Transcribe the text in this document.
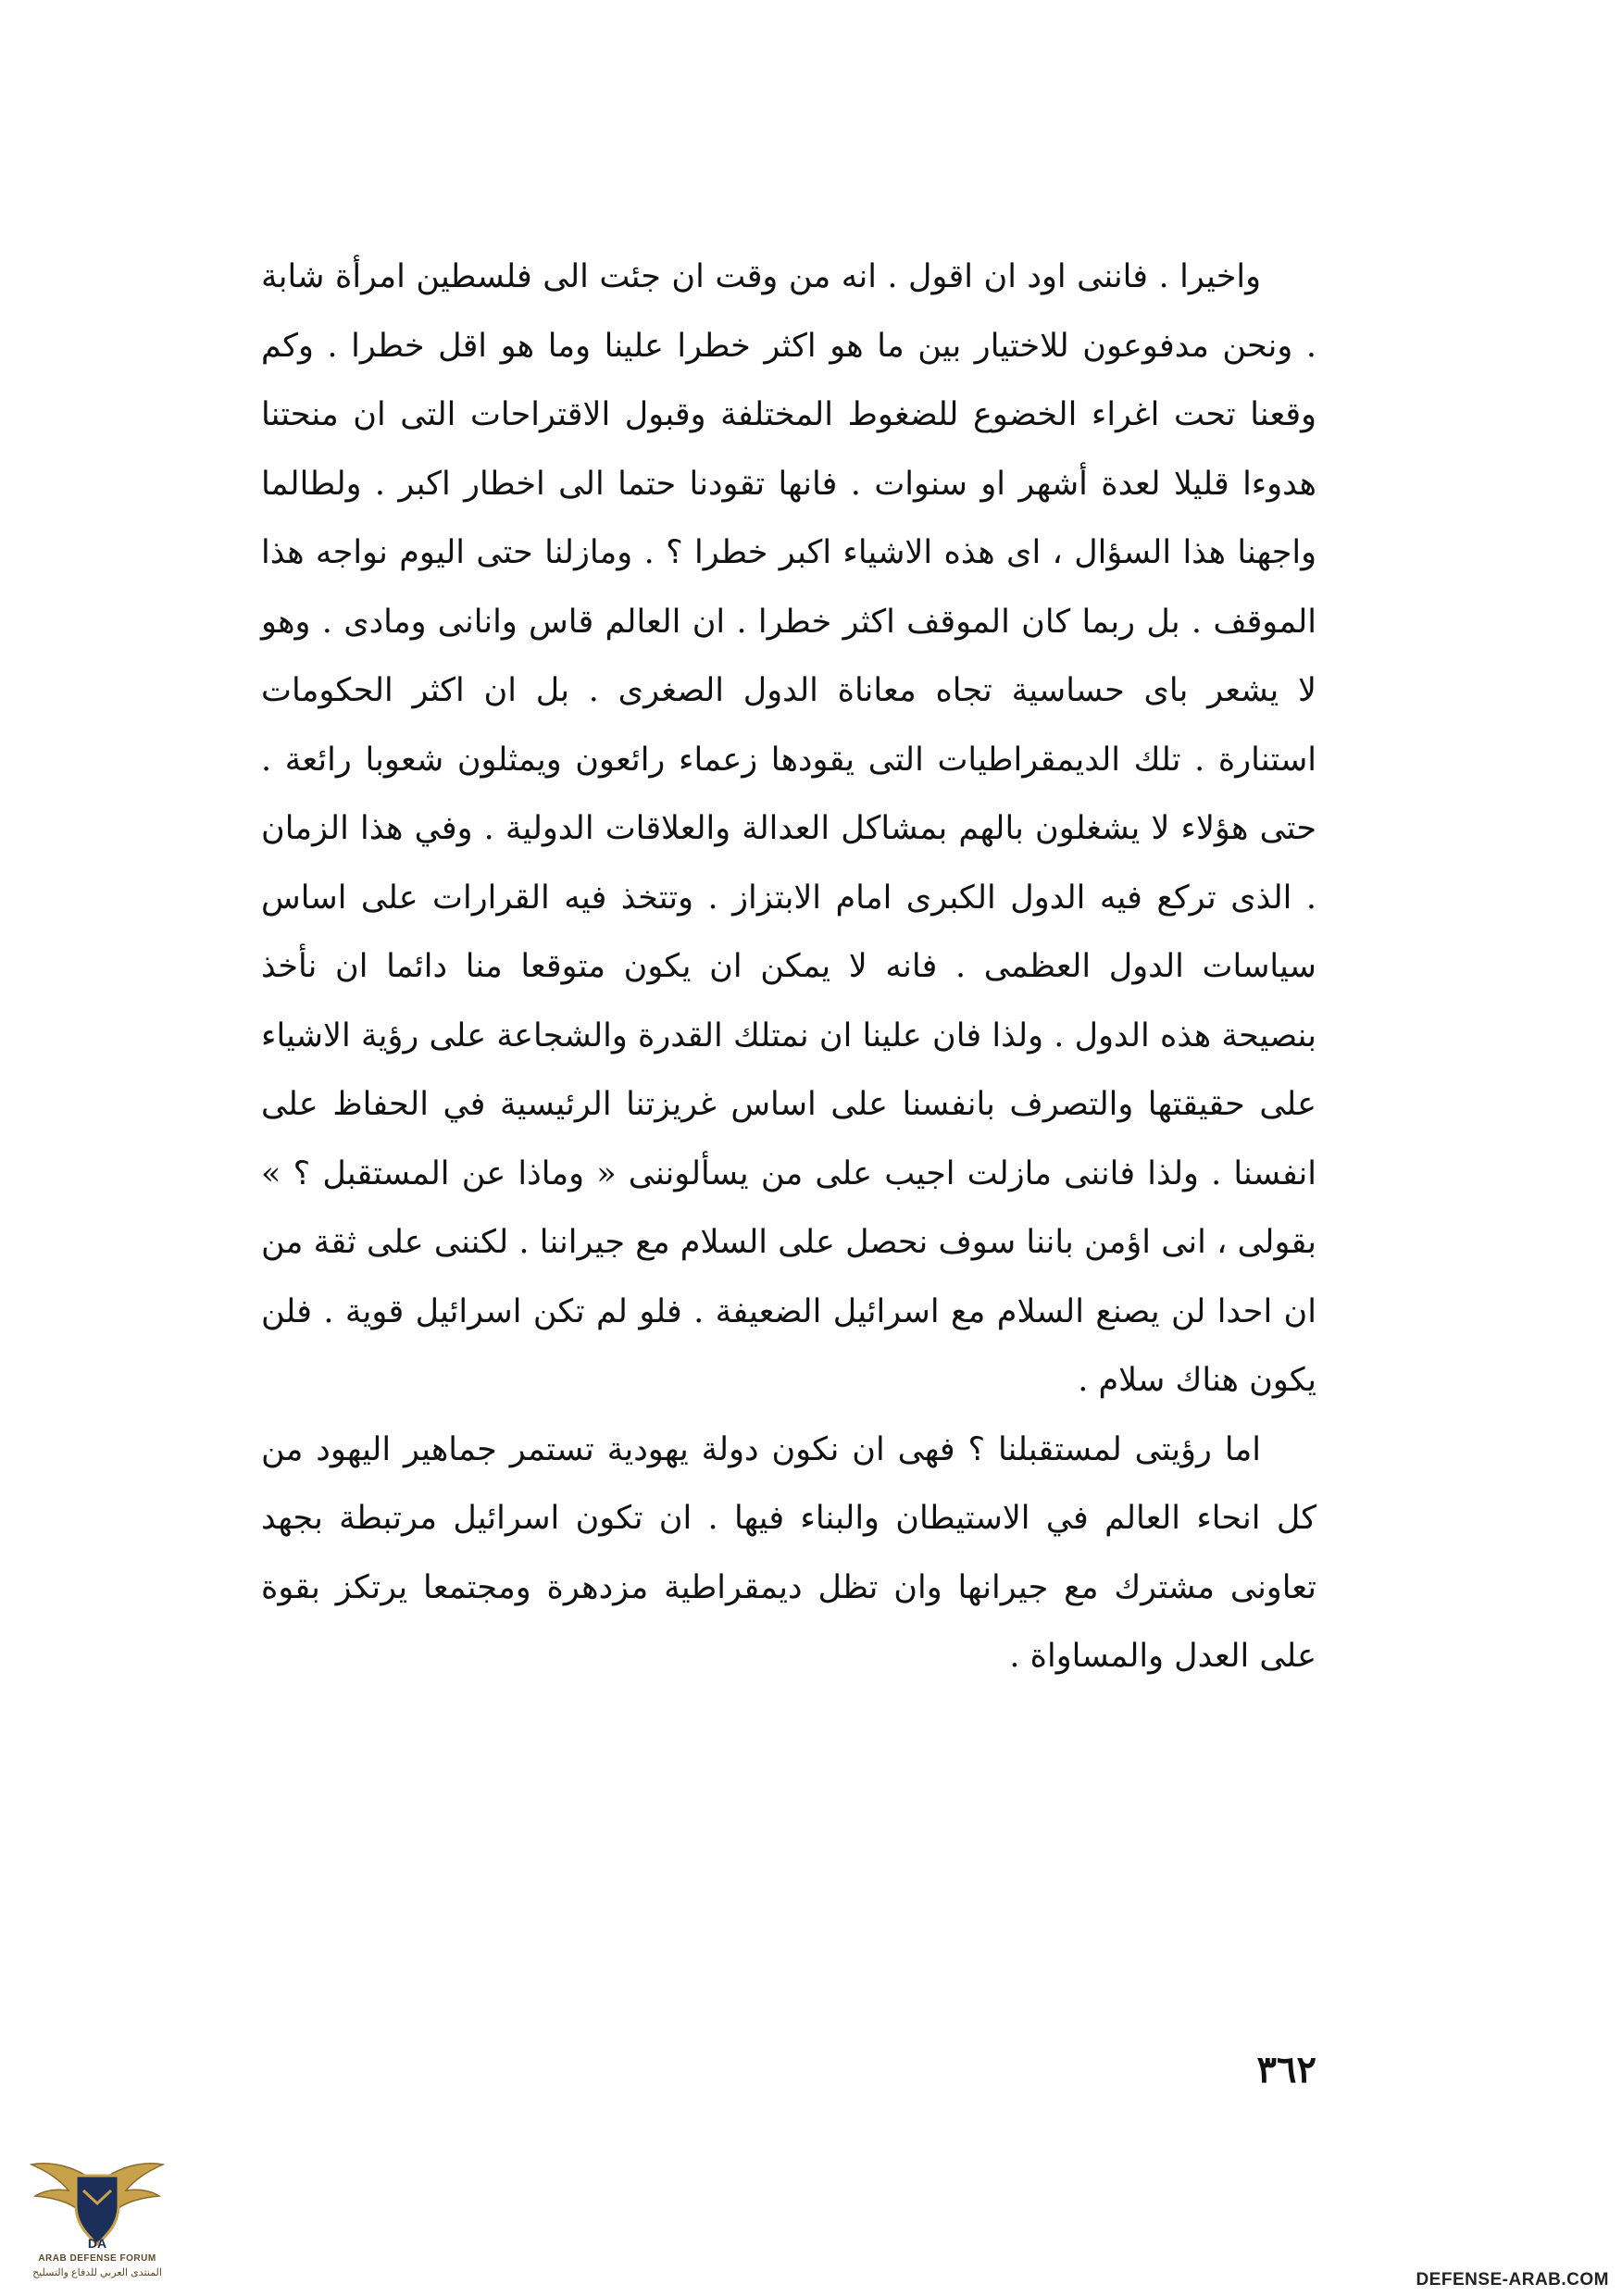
واخيرا . فاننى اود ان اقول . انه من وقت ان جئت الى فلسطين امرأة شابة . ونحن مدفوعون للاختيار بين ما هو اكثر خطرا علينا وما هو اقل خطرا . وكم وقعنا تحت اغراء الخضوع للضغوط المختلفة وقبول الاقتراحات التى ان منحتنا هدوءا قليلا لعدة أشهر او سنوات . فانها تقودنا حتما الى اخطار اكبر . ولطالما واجهنا هذا السؤال ، اى هذه الاشياء اكبر خطرا ؟ . ومازلنا حتى اليوم نواجه هذا الموقف . بل ربما كان الموقف اكثر خطرا . ان العالم قاس وانانى ومادى . وهو لا يشعر باى حساسية تجاه معاناة الدول الصغرى . بل ان اكثر الحكومات استنارة . تلك الديمقراطيات التى يقودها زعماء رائعون ويمثلون شعوبا رائعة . حتى هؤلاء لا يشغلون بالهم بمشاكل العدالة والعلاقات الدولية . وفي هذا الزمان . الذى تركع فيه الدول الكبرى امام الابتزاز . وتتخذ فيه القرارات على اساس سياسات الدول العظمى . فانه لا يمكن ان يكون متوقعا منا دائما ان نأخذ بنصيحة هذه الدول . ولذا فان علينا ان نمتلك القدرة والشجاعة على رؤية الاشياء على حقيقتها والتصرف بانفسنا على اساس غريزتنا الرئيسية في الحفاظ على انفسنا . ولذا فاننى مازلت اجيب على من يسألوننى « وماذا عن المستقبل ؟ » بقولى ، انى اؤمن باننا سوف نحصل على السلام مع جيراننا . لكننى على ثقة من ان احدا لن يصنع السلام مع اسرائيل الضعيفة . فلو لم تكن اسرائيل قوية . فلن يكون هناك سلام .

اما رؤيتى لمستقبلنا ؟ فهى ان نكون دولة يهودية تستمر جماهير اليهود من كل انحاء العالم في الاستيطان والبناء فيها . ان تكون اسرائيل مرتبطة بجهد تعاونى مشترك مع جيرانها وان تظل ديمقراطية مزدهرة ومجتمعا يرتكز بقوة على العدل والمساواة .

٣٦٢
DA
ARAB DEFENSE FORUM
المنتدى العربي للدفاع والتسليح	DEFENSE-ARAB.COM
